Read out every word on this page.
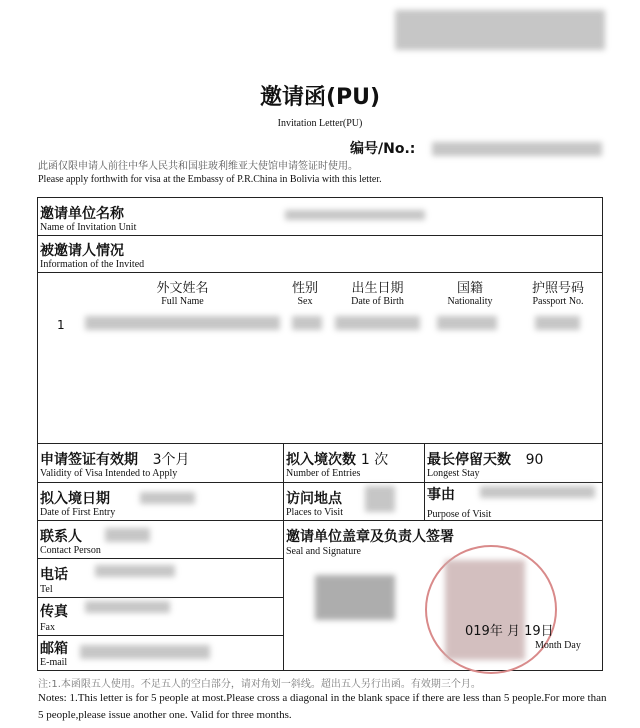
邀请函(PU)
Invitation Letter(PU)
编号/No.:
此函仅限申请人前往中华人民共和国驻玻利维亚大使馆申请签证时使用。
Please apply forthwith for visa at the Embassy of P.R.China in Bolivia with this letter.
邀请单位名称
Name of Invitation Unit
被邀请人情况
Information of the Invited
外文姓名
Full Name
性别
Sex
出生日期
Date of Birth
国籍
Nationality
护照号码
Passport No.
1
申请签证有效期 3个月
Validity of Visa Intended to Apply
拟入境次数 1 次
Number of Entries
最长停留天数 90
Longest Stay
拟入境日期
Date of First Entry
访问地点
Places to Visit
事由
Purpose of Visit
联系人
Contact Person
电话
Tel
传真
Fax
邮箱
E-mail
邀请单位盖章及负责人签署
Seal and Signature
019年 月 19日
Month Day
注:1.本函限五人使用。不足五人的空白部分，请对角划一斜线。超出五人另行出函。有效期三个月。
Notes: 1.This letter is for 5 people at most.Please cross a diagonal in the blank space if there are less than 5 people.For more than 5 people,please issue another one. Valid for three months.
